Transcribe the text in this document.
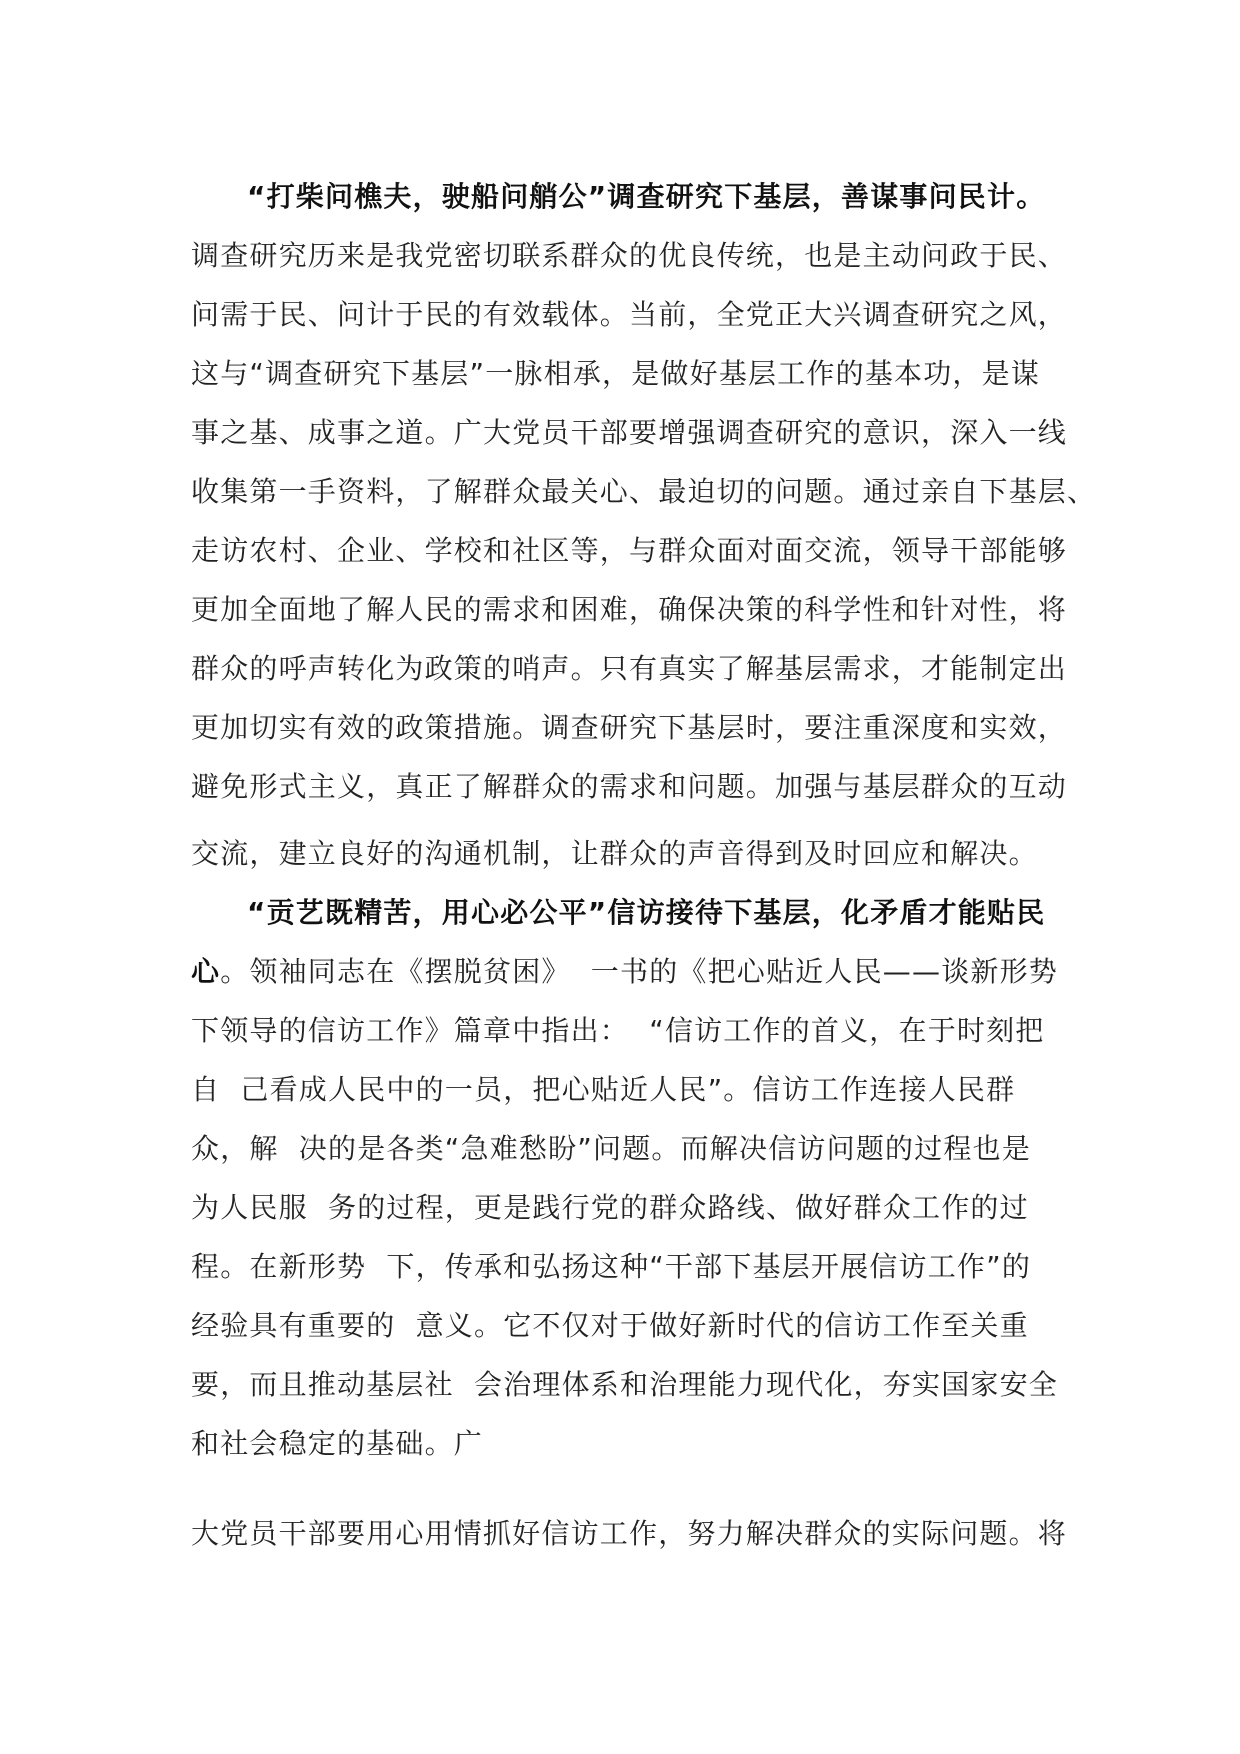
“打柴问樵夫，驶船问艄公”调查研究下基层，善谋事问民计。
调查研究历来是我党密切联系群众的优良传统，也是主动问政于民、
问需于民、问计于民的有效载体。当前，全党正大兴调查研究之风，
这与“调查研究下基层”一脉相承，是做好基层工作的基本功，是谋
事之基、成事之道。广大党员干部要增强调查研究的意识，深入一线
收集第一手资料，了解群众最关心、最迫切的问题。通过亲自下基层、
走访农村、企业、学校和社区等，与群众面对面交流，领导干部能够
更加全面地了解人民的需求和困难，确保决策的科学性和针对性，将
群众的呼声转化为政策的哨声。只有真实了解基层需求，才能制定出
更加切实有效的政策措施。调查研究下基层时，要注重深度和实效，
避免形式主义，真正了解群众的需求和问题。加强与基层群众的互动
交流，建立良好的沟通机制，让群众的声音得到及时回应和解决。
“贡艺既精苦，用心必公平”信访接待下基层，化矛盾才能贴民
心。领袖同志在《摆脱贫困》  一书的《把心贴近人民——谈新形势
下领导的信访工作》篇章中指出：  “信访工作的首义，在于时刻把
自  己看成人民中的一员，把心贴近人民”。信访工作连接人民群
众，解  决的是各类“急难愁盼”问题。而解决信访问题的过程也是
为人民服  务的过程，更是践行党的群众路线、做好群众工作的过
程。在新形势  下，传承和弘扬这种“干部下基层开展信访工作”的
经验具有重要的  意义。它不仅对于做好新时代的信访工作至关重
要，而且推动基层社  会治理体系和治理能力现代化，夯实国家安全
和社会稳定的基础。广
大党员干部要用心用情抓好信访工作，努力解决群众的实际问题。将
